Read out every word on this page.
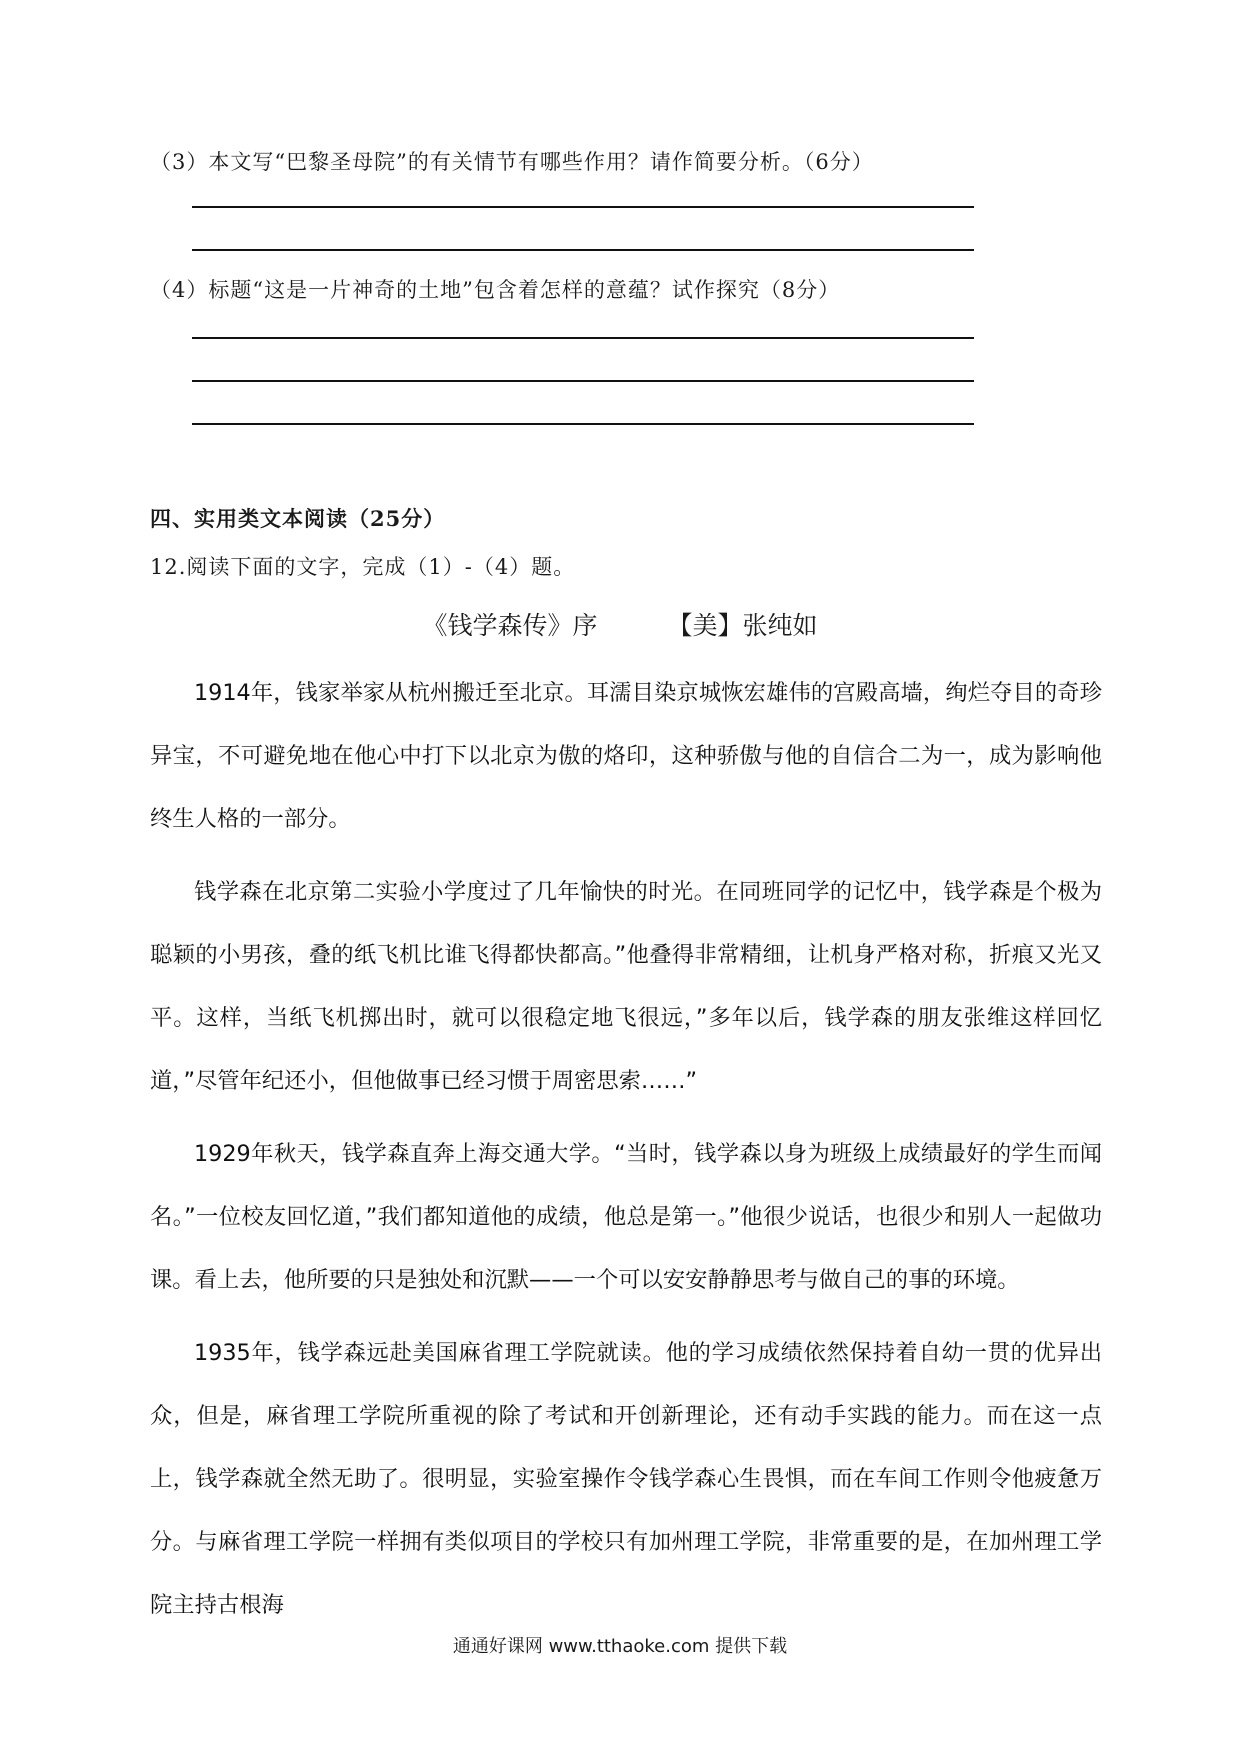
（3）本文写“巴黎圣母院”的有关情节有哪些作用？请作简要分析。（6分）
（4）标题“这是一片神奇的土地”包含着怎样的意蕴？试作探究（8分）
四、实用类文本阅读（25分）
12.阅读下面的文字，完成（1）-（4）题。
《钱学森传》序	【美】张纯如

1914年，钱家举家从杭州搬迁至北京。耳濡目染京城恢宏雄伟的宫殿高墙，绚烂夺目的奇珍异宝，不可避免地在他心中打下以北京为傲的烙印，这种骄傲与他的自信合二为一，成为影响他终生人格的一部分。

钱学森在北京第二实验小学度过了几年愉快的时光。在同班同学的记忆中，钱学森是个极为聪颖的小男孩，叠的纸飞机比谁飞得都快都高。”他叠得非常精细，让机身严格对称，折痕又光又平。这样，当纸飞机掷出时，就可以很稳定地飞很远，”多年以后，钱学森的朋友张维这样回忆道，”尽管年纪还小，但他做事已经习惯于周密思索……”

1929年秋天，钱学森直奔上海交通大学。“当时，钱学森以身为班级上成绩最好的学生而闻名。”一位校友回忆道，”我们都知道他的成绩，他总是第一。”他很少说话，也很少和别人一起做功课。看上去，他所要的只是独处和沉默——一个可以安安静静思考与做自己的事的环境。

1935年，钱学森远赴美国麻省理工学院就读。他的学习成绩依然保持着自幼一贯的优异出众，但是，麻省理工学院所重视的除了考试和开创新理论，还有动手实践的能力。而在这一点上，钱学森就全然无助了。很明显，实验室操作令钱学森心生畏惧，而在车间工作则令他疲惫万分。与麻省理工学院一样拥有类似项目的学校只有加州理工学院，非常重要的是，在加州理工学院主持古根海

通通好课网 www.tthaoke.com 提供下载
